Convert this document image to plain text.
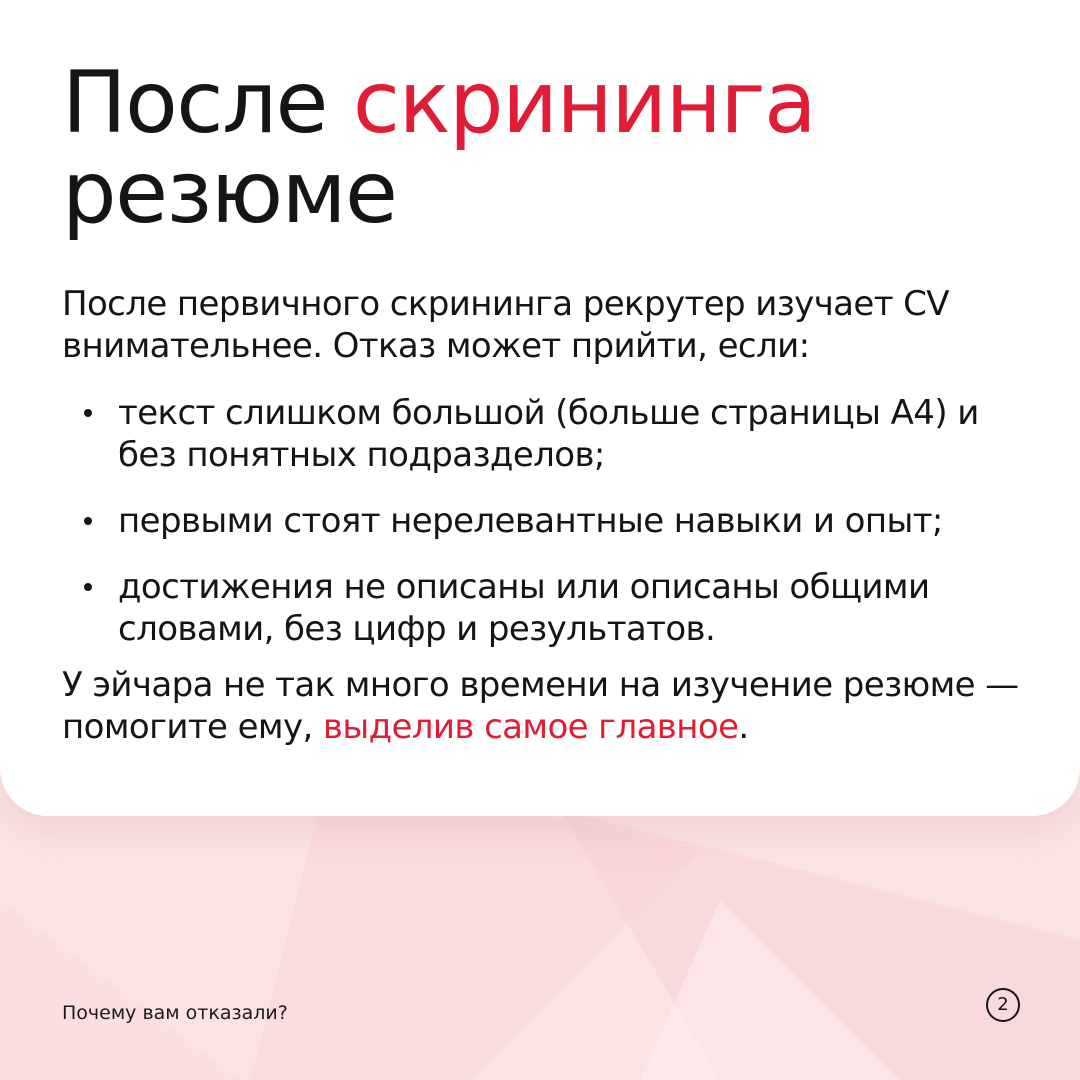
После скрининга
резюме

После первичного скрининга рекрутер изучает CV внимательнее. Отказ может прийти, если:

текст слишком большой (больше страницы А4) и без понятных подразделов;
первыми стоят нерелевантные навыки и опыт;
достижения не описаны или описаны общими словами, без цифр и результатов.

У эйчара не так много времени на изучение резюме — помогите ему, выделив самое главное.

Почему вам отказали?	2
